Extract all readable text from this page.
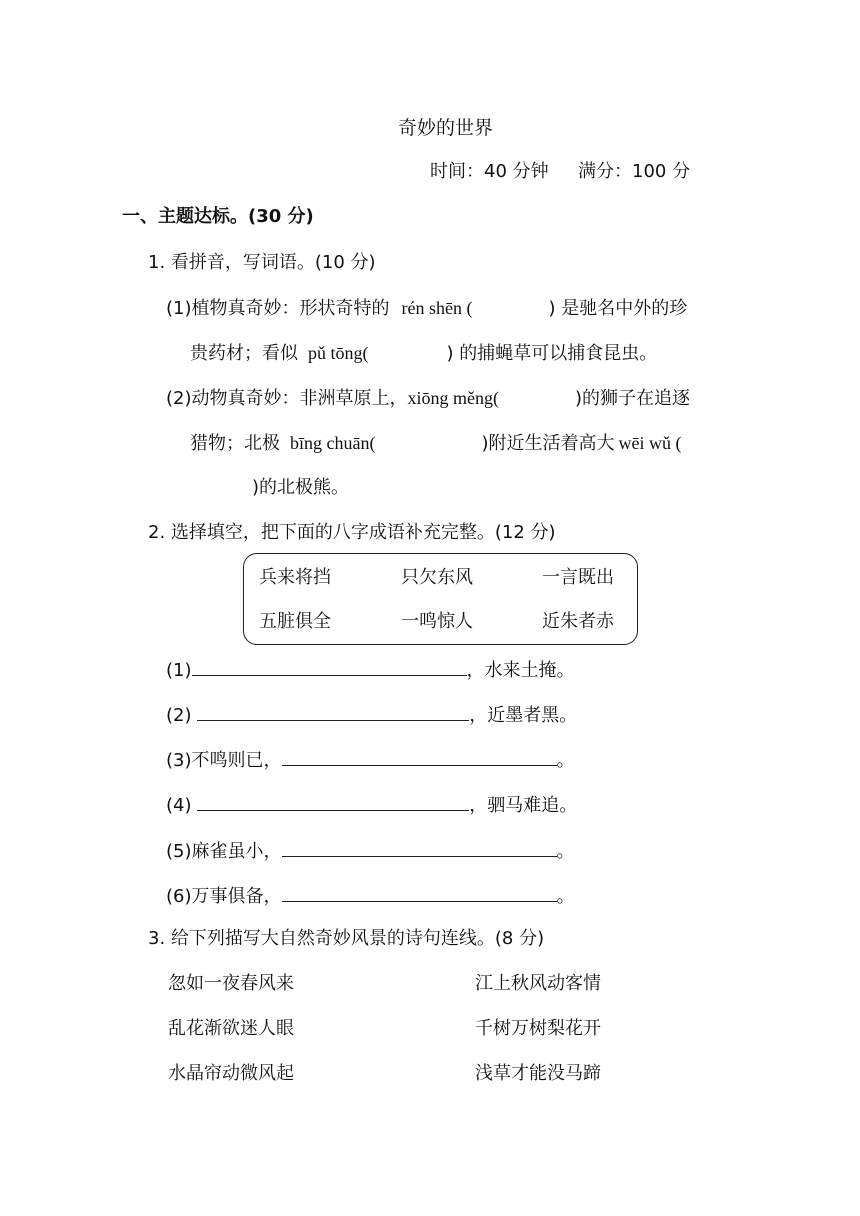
奇妙的世界
时间：40 分钟 满分：100 分
一、主题达标。(30 分)
1. 看拼音，写词语。(10 分)
(1)植物真奇妙：形状奇特的 rén shēn (	) 是驰名中外的珍
贵药材；看似 pǔ tōng(	) 的捕蝇草可以捕食昆虫。
(2)动物真奇妙：非洲草原上，xiōng měng(	)的狮子在追逐
猎物；北极 bīng chuān(	)附近生活着高大 wēi wǔ (
)的北极熊。
2. 选择填空，把下面的八字成语补充完整。(12 分)
兵来将挡	只欠东风	一言既出
五脏俱全	一鸣惊人	近朱者赤
(1)	，水来土掩。
(2)	，近墨者黑。
(3)不鸣则已，	。
(4)	，驷马难追。
(5)麻雀虽小，	。
(6)万事俱备，	。
3. 给下列描写大自然奇妙风景的诗句连线。(8 分)
忽如一夜春风来	江上秋风动客情
乱花渐欲迷人眼	千树万树梨花开
水晶帘动微风起	浅草才能没马蹄
